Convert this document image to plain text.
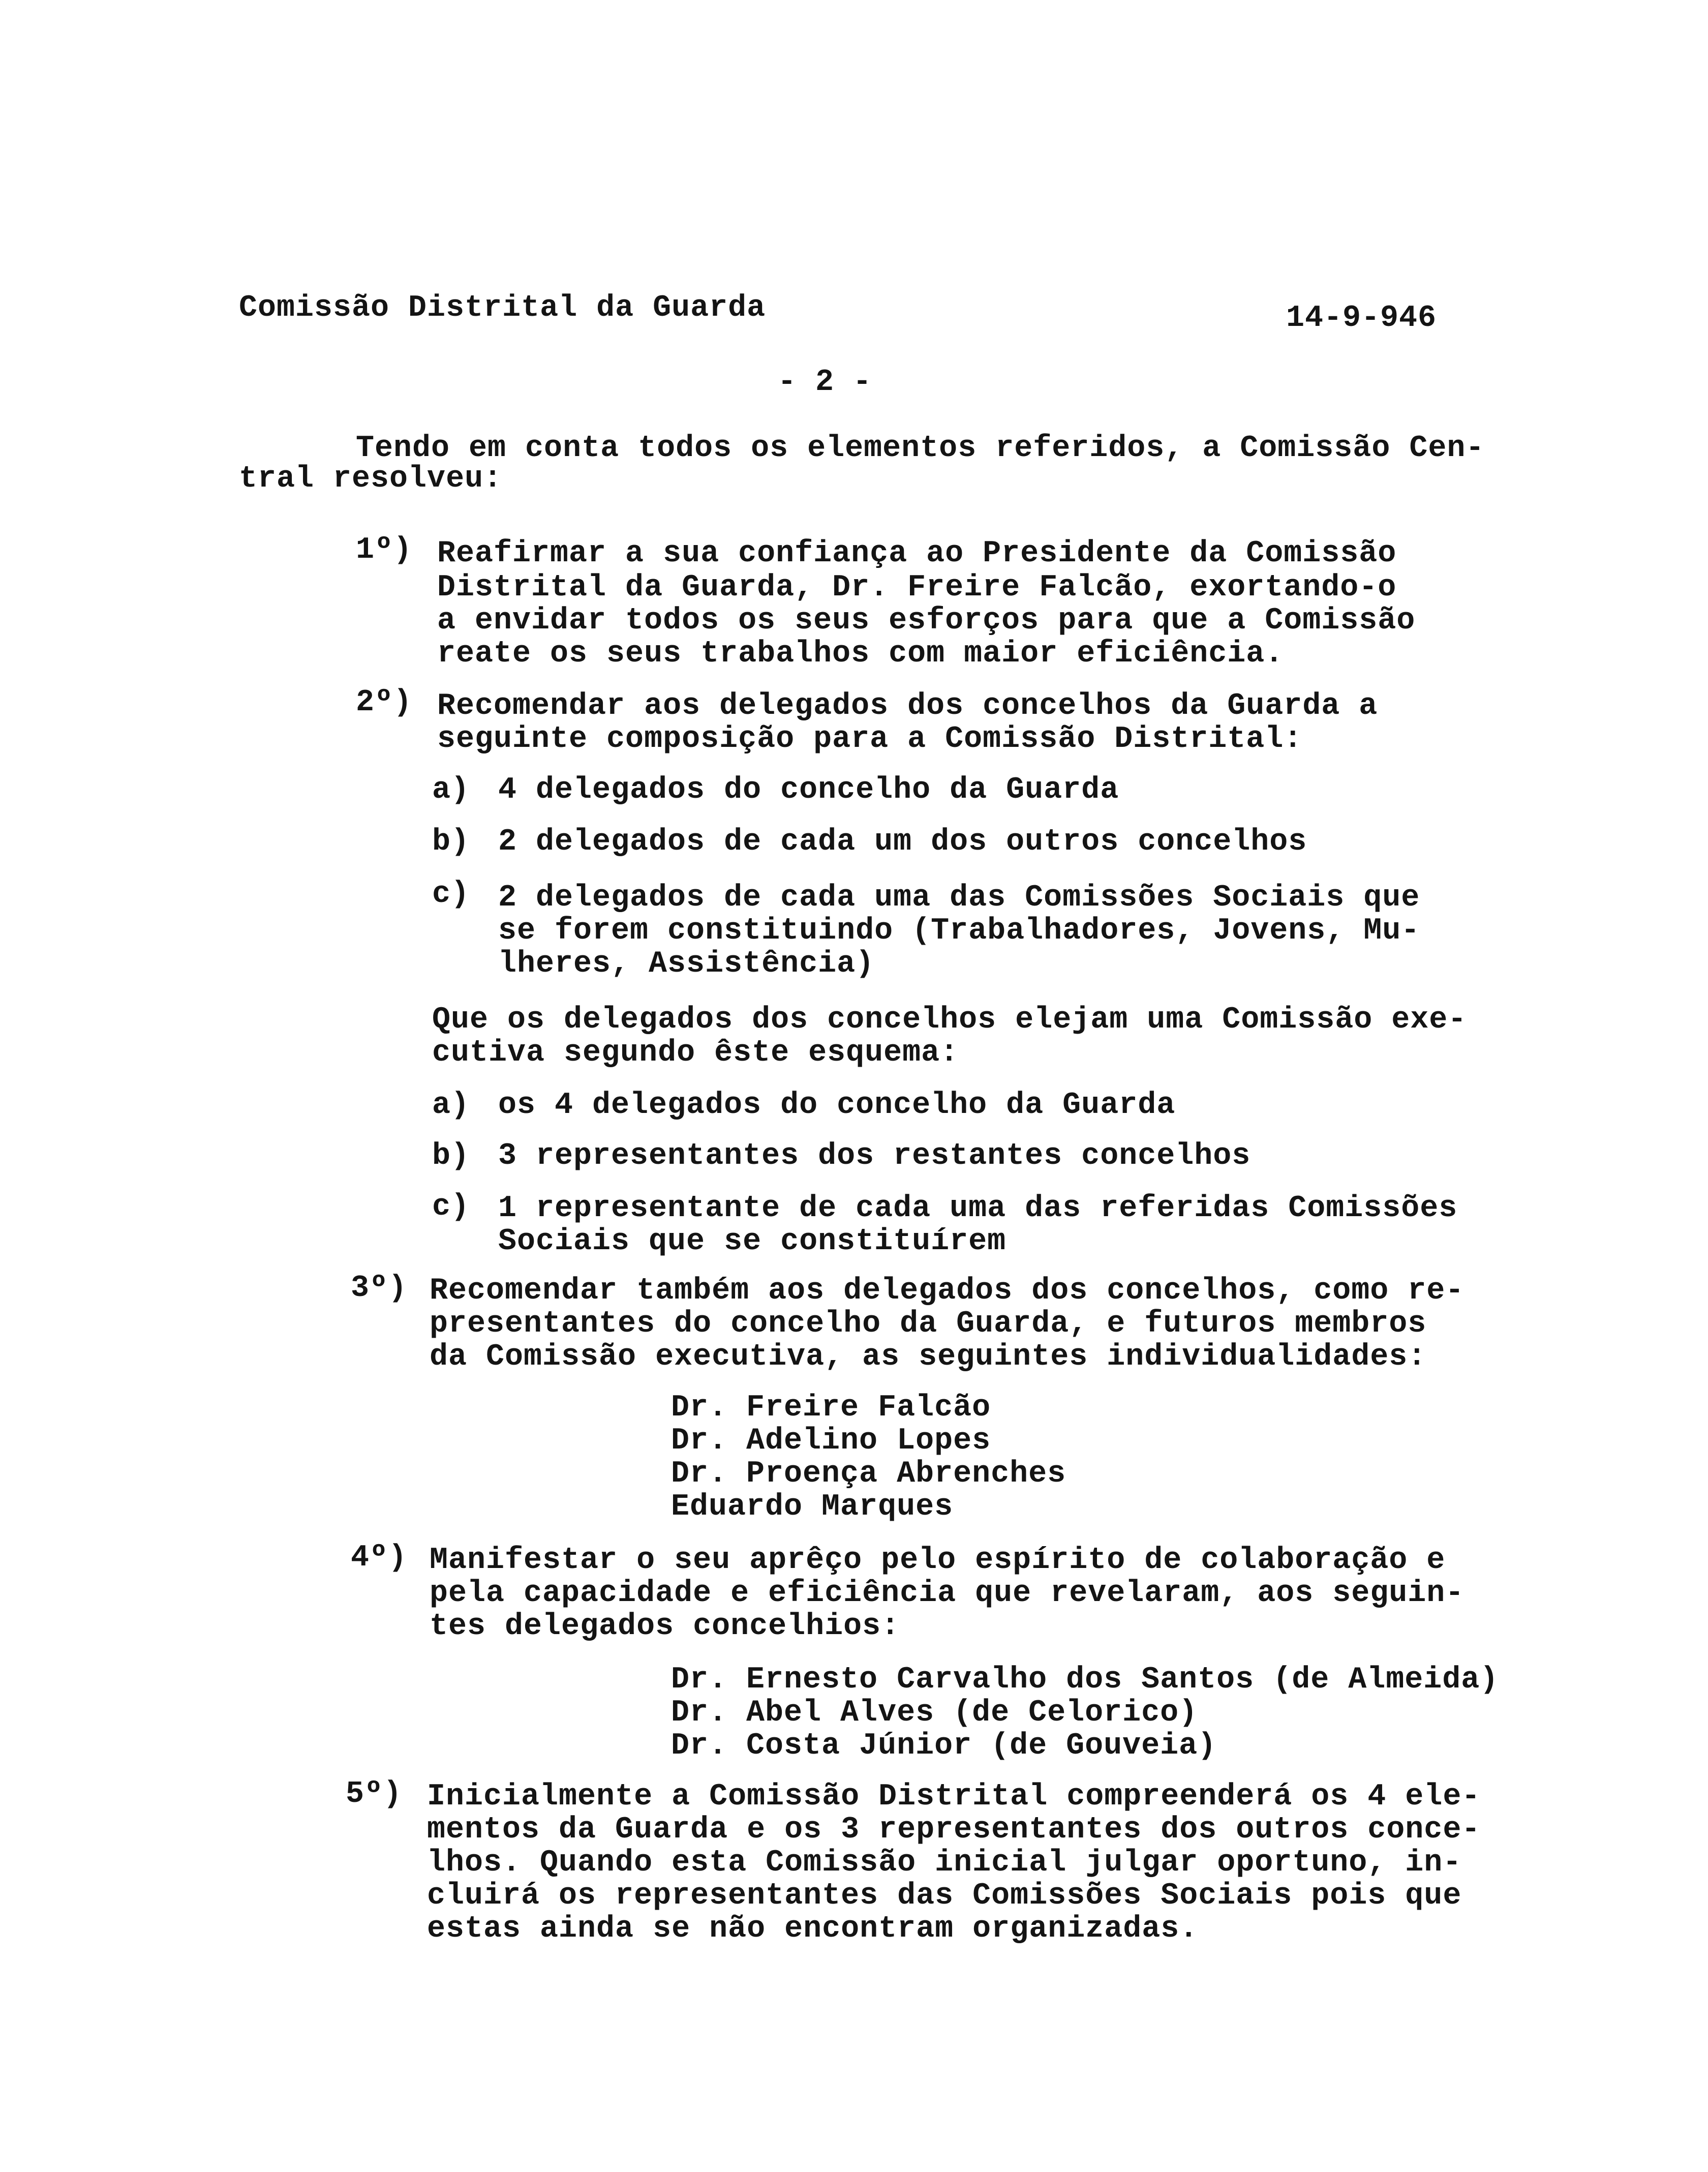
Comissão Distrital da Guarda	14-9-946
- 2 -
Tendo em conta todos os elementos referidos, a Comissão Cen-
tral resolveu:
1º) Reafirmar a sua confiança ao Presidente da Comissão
Distrital da Guarda, Dr. Freire Falcão, exortando-o
a envidar todos os seus esforços para que a Comissão
reate os seus trabalhos com maior eficiência.
2º) Recomendar aos delegados dos concelhos da Guarda a
seguinte composição para a Comissão Distrital:
a) 4 delegados do concelho da Guarda
b) 2 delegados de cada um dos outros concelhos
c) 2 delegados de cada uma das Comissões Sociais que
se forem constituindo (Trabalhadores, Jovens, Mu-
lheres, Assistência)
Que os delegados dos concelhos elejam uma Comissão exe-
cutiva segundo êste esquema:
a) os 4 delegados do concelho da Guarda
b) 3 representantes dos restantes concelhos
c) 1 representante de cada uma das referidas Comissões
Sociais que se constituírem
3º) Recomendar também aos delegados dos concelhos, como re-
presentantes do concelho da Guarda, e futuros membros
da Comissão executiva, as seguintes individualidades:
Dr. Freire Falcão
Dr. Adelino Lopes
Dr. Proença Abrenches
Eduardo Marques
4º) Manifestar o seu aprêço pelo espírito de colaboração e
pela capacidade e eficiência que revelaram, aos seguin-
tes delegados concelhios:
Dr. Ernesto Carvalho dos Santos (de Almeida)
Dr. Abel Alves (de Celorico)
Dr. Costa Júnior (de Gouveia)
5º) Inicialmente a Comissão Distrital compreenderá os 4 ele-
mentos da Guarda e os 3 representantes dos outros conce-
lhos. Quando esta Comissão inicial julgar oportuno, in-
cluirá os representantes das Comissões Sociais pois que
estas ainda se não encontram organizadas.
